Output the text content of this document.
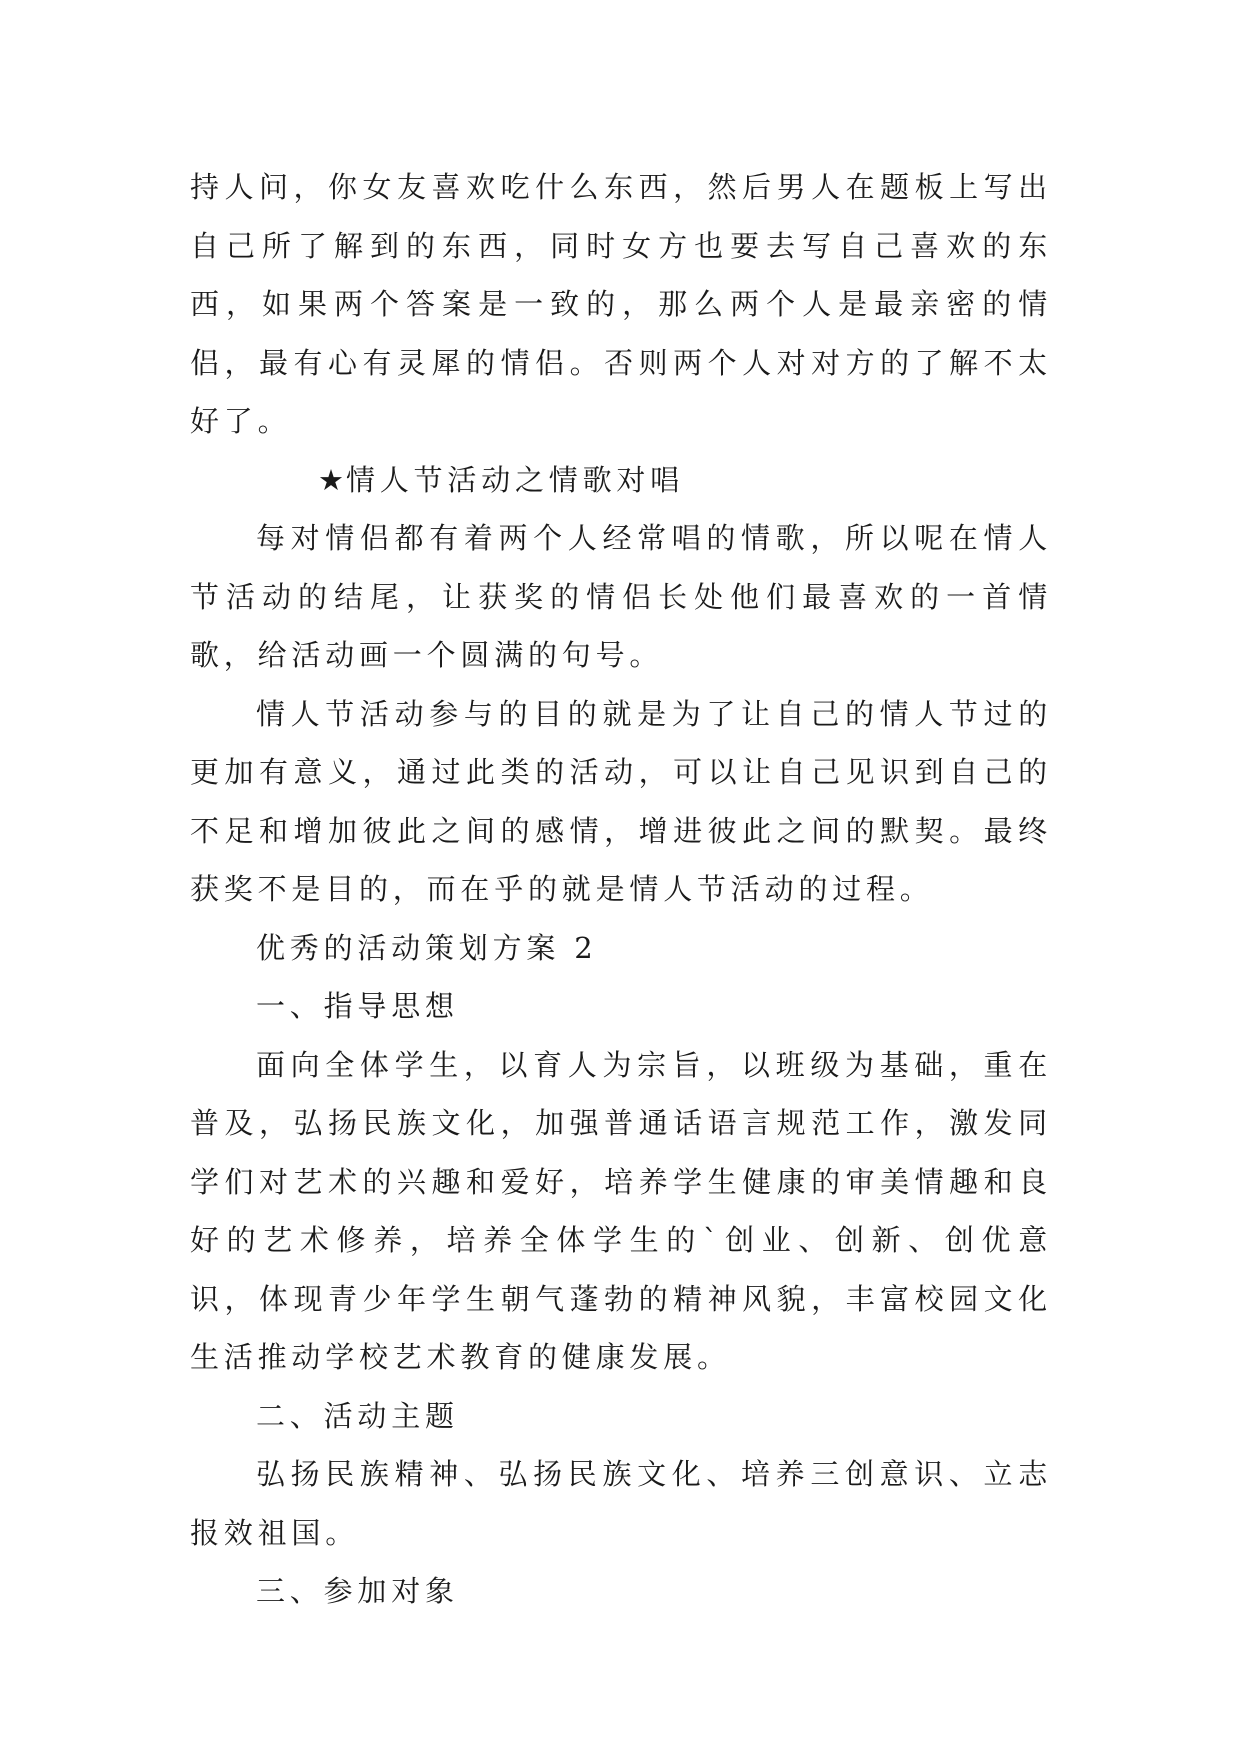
持人问，你女友喜欢吃什么东西，然后男人在题板上写出自己所了解到的东西，同时女方也要去写自己喜欢的东西，如果两个答案是一致的，那么两个人是最亲密的情侣，最有心有灵犀的情侣。否则两个人对对方的了解不太好了。

★情人节活动之情歌对唱

每对情侣都有着两个人经常唱的情歌，所以呢在情人节活动的结尾，让获奖的情侣长处他们最喜欢的一首情歌，给活动画一个圆满的句号。

情人节活动参与的目的就是为了让自己的情人节过的更加有意义，通过此类的活动，可以让自己见识到自己的不足和增加彼此之间的感情，增进彼此之间的默契。最终获奖不是目的，而在乎的就是情人节活动的过程。

优秀的活动策划方案 2

一、指导思想

面向全体学生，以育人为宗旨，以班级为基础，重在普及，弘扬民族文化，加强普通话语言规范工作，激发同学们对艺术的兴趣和爱好，培养学生健康的审美情趣和良好的艺术修养，培养全体学生的`创业、创新、创优意识，体现青少年学生朝气蓬勃的精神风貌，丰富校园文化生活推动学校艺术教育的健康发展。

二、活动主题

弘扬民族精神、弘扬民族文化、培养三创意识、立志报效祖国。

三、参加对象
